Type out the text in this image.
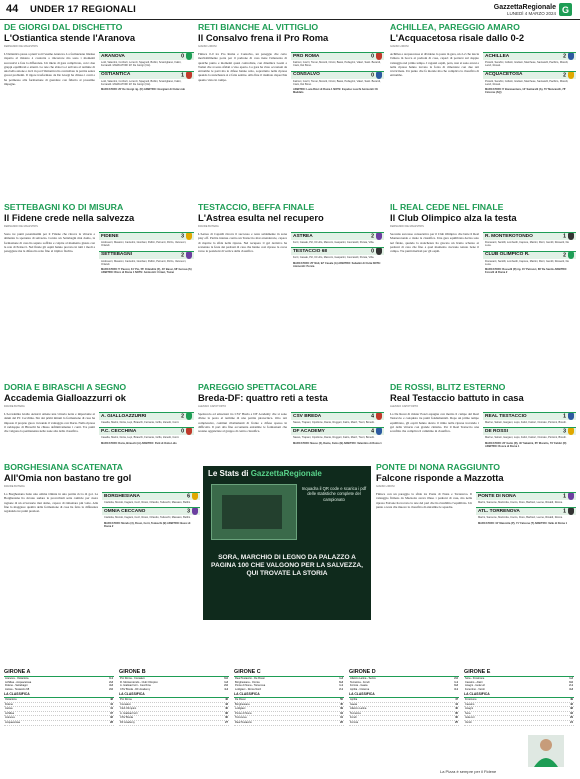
44 UNDER 17 REGIONALI	GazzettaRegionale
LUNEDÌ 4 MARZO 2024 G
DE GIORGI DAL DISCHETTO
L'Ostiantica stende l'Aranova
FERNANDO DE MAGISTRIS
L'Ostiantica passa a pieni voti l'esame Aranova. La formazione lidense rispetto al mistero è costretta a rincorrere ma sono i momenti successivi a fare la differenza. Un inizio di gara complicato, con i due gruppi equilibrati e attenti. La rete che sblocca è arrivata al termine di una bella azione e da lì in poi l'Ostiantica ha controllato la partita senza grossi problemi. Il rigore trasformato da De Giorgi ha chiuso i conti e ha permesso alla formazione di guardare con fiducia al prossimo impegno.
ARANOVA	0
Lodi, Valentini, Conforti, Lorenzi, Spagnoli, Bollini, Scarcigliano, Falini, Ferrarelli. MARCATORI 20' De Giorgi (Ost).
OSTIANTICA	1
Lodi, Valentini, Conforti, Lorenzi, Spagnoli, Bollini, Scarcigliano, Falini, Ferrarelli. MARCATORI 20' De Giorgi (Ost).
MARCATORI: 20' De Giorgi rig. (O) ARBITRO: Giorgiani di Ostia Lido
RETI BIANCHE AL VITTIGLIO
Il Consalvo frena il Pro Roma
GIANNI LIMONI
Finisce 0-0 tra Pro Roma e Consalvo, un pareggio che certo inevitabilmente porta per il padrone di casa tiene l'amarezza di qualche punto e momenti quasi controllate, con dinamica Gozzi e Tomei che si sono sfidati a viso aperto. La gara ha visto occasioni da entrambe le parti ma le difese hanno retto, soprattutto nella ripresa quando la stanchezza si è fatta sentire. Alla fine il risultato rispecchia quanto visto in campo.
PRO ROMA	0
Falconi, Gozzi, Tomei, Moretti, Orsini, Bassi, Pellegrini, Valeri, Salvi. Berardi, Ciani, Del Bono.
CONSALVO	0
Falconi, Gozzi, Tomei, Moretti, Orsini, Bassi, Pellegrini, Valeri, Salvi. Berardi, Ciani, Del Bono.
ARBITRO: Luca Ricci di Roma 1 NOTE: Espulso Lucchi Ammoniti: Di Maddalo
ACHILLEA, PAREGGIO AMARO
L'Acquacetosa risale dallo 0-2
GIANNI LIMONI
Achillea e Acquacetosa si dividono la posta in gara, un 2-2 che lascia l'amaro in bocca ai padroni di casa, capaci di portarsi sul doppio vantaggio nel primo tempo. I ragazzi ospiti, però, non si sono arresi e nella ripresa hanno trovato la forza di rimontare con due reti ravvicinate. Un punto che fa morale ma che complica la classifica di entrambe.
ACHILLEA	2
Proietti, Serafini, Colletti, Giuliani, Marchese, Santarelli, Pacifico, Morelli, Lanzi, Rosati.
ACQUACETOSA	2
Proietti, Serafini, Colletti, Giuliani, Marchese, Santarelli, Pacifico, Morelli, Lanzi, Rosati.
MARCATORI: 6' Bonaventura, 12' Santarelli (A), 70' Mencarelli, 78' Ciccone (AQ)
SETTEBAGNI KO DI MISURA
Il Fidene crede nella salvezza
FERNANDO DE MAGISTRIS
Sono tre punti pesantissimi per il Fidene che ritrova la vittoria e alimenta la speranza di salvezza. Contro un Settebagni mai domo, la formazione di casa ha saputo soffrire e colpire al momento giusto con la rete di Petrucci. Nel finale gli ospiti hanno provato in tutti i modi a pareggiare ma la difesa ha retto fino al triplice fischio.
FIDENE	3
Andreucci, Massimi, Cantelmi, Giordani, Pellini, Petrucci, Rizzo, Vannucci, Orlandi.
SETTEBAGNI	2
Andreucci, Massimi, Cantelmi, Giordani, Pellini, Petrucci, Rizzo, Vannucci, Orlandi.
MARCATORI: 5' Pavoni, 31' Pio, 56' Orlandini (F), 40' Bassi, 68' Gerosa (S) ARBITRO: Rizzo di Roma 1 NOTE: Ammoniti: Ciriaci, Tomei
TESTACCIO, BEFFA FINALE
L'Astrea esulta nel recupero
DAVIDE BUTERA
L'Astrea di Capaldi ritrova il successo e resta saldamente in zona play off. Partita intensa contro un Testaccio mai arrendevole, capace di riaprire la sfida nella ripresa. Nel recupero il gol decisivo ha scatenato la festa dei padroni di casa che hanno così ripreso la corsa verso le posizioni di vertice della classifica.
ASTREA	2
Ferri, Casale, Piri, Di Lillo, Marconi, Gasparini, Ceccarelli, Persia, Villa.
TESTACCIO 68	0
Ferri, Casale, Piri, Di Lillo, Marconi, Gasparini, Ceccarelli, Persia, Villa.
MARCATORI: 25' Nidi, 92' Casale (A) ARBITRO: Sabatini di Ostia NOTE: Ammoniti: Persia
IL REAL CEDE NEL FINALE
Il Club Olimpico alza la testa
FERNANDO DE MAGISTRIS
Secondo successo consecutivo per il Club Olimpico che batte il Real Monterotondo e risale la classifica. Una gara equilibrata decisa solo nel finale, quando la stanchezza ha giocato un brutto scherzo ai padroni di casa che fino a quel momento avevano tenuto bene il campo. Tre punti meritati per gli ospiti.
R. MONTEROTONDO	1
Fioravanti, Santilli, Lombardi, Capone, Martini, Ricci, Gentili, Rossetti, De Luca.
CLUB OLIMPICO R.	2
Fioravanti, Santilli, Lombardi, Capone, Martini, Ricci, Gentili, Rossetti, De Luca.
MARCATORI: Rosselli (R) rig. 15' Petrucci, 88' De Santis ARBITRO: Forcelli di Roma 2
DORIA E BIRASCHI A SEGNO
Accademia Gialloazzurri ok
DAVIDE BUTERA
L'Accademia Giallo Azzurri ottiene una vittoria netta e importante ai danni del PC Cecchina. Sin dai primi minuti la formazione di casa ha imposto il proprio gioco trovando il vantaggio con Doria. Nella ripresa il raddoppio di Biraschi ha chiuso definitivamente i conti. Tre punti che valgono la permanenza nelle zone alte della classifica.
A. GIALLOAZZURRI	2
Casella, Marini, Doria, Lupi, Biraschi, Ferrante, Grillo, Zanetti, Conti.
P.C. CECCHINA	0
Casella, Marini, Doria, Lupi, Biraschi, Ferrante, Grillo, Zanetti, Conti.
MARCATORI: Doria, Biraschi (A) ARBITRO: Peiti di Ostia Lido
PAREGGIO SPETTACOLARE
Breda-DF: quattro reti a testa
ALESSIO CAPOTORTO
Spettacolo ed emozioni tra CSV Breda e DF Academy che si sono divise la posta al termine di una partita pirotecnica. Otto reti complessive, continui ribaltamenti di fronte e difese spesso in difficoltà. Il pari alla fine accontenta entrambe le formazioni che restano agganciate al gruppo di centro classifica.
CSV BREDA	4
Nasso, Trapani, Cipollone, Dante, Ruggeri, Falco, Marzi, Tocci, Bonetti.
DF ACADEMY	4
Nasso, Trapani, Cipollone, Dante, Ruggeri, Falco, Marzi, Tocci, Bonetti.
MARCATORI: Nasso (2), Dante, Falco (B) ARBITRO: Valentino di Roma 1
DE ROSSI, BLITZ ESTERNO
Real Testaccio battuto in casa
ALESSIO CAPOTORTO
La De Rossi di mister Pozzi espugna con merito il campo del Real Testaccio e conquista tre punti fondamentali. Dopo un primo tempo equilibrato, gli ospiti hanno alzato il ritmo nella ripresa trovando i gol della vittoria con grande cinismo. Per il Real Testaccio una sconfitta che complica il cammino in classifica.
REAL TESTACCIO	1
Marino, Sebeti, Gargani, Lupo, Felici, Fattori, Onorato, Piccioni, Biondi.
DE ROSSI	3
Marino, Sebeti, Gargani, Lupo, Felici, Fattori, Onorato, Piccioni, Biondi.
MARCATORI: 22' Gatto (R), 40' Sabatini, 65' Moratto, 79' Fabbri (D) ARBITRO: Rocca di Roma 1
BORGHESIANA SCATENATA
All'Omia non bastano tre gol
DAVIDE BUTERA
La Borghesiana batte una ottima Omnia in una partita ricca di gol. La Borghesiana ha dovuto sudare le proverbiali sette camicie per avere ragione di un avversario mai domo, capace di rimontare più volte. Alla fine la maggiore qualità della formazione di casa ha fatto la differenza regalando tre punti preziosi.
BORGHESIANA	6
Ciarletta, Mondo, Fagiani, Cerri, Rossi, Orlando, Tedeschi, Massaro, Bellini.
OMNIA CECCANO	3
Ciarletta, Mondo, Fagiani, Cerri, Rossi, Orlando, Tedeschi, Massaro, Bellini.
MARCATORI: Mondo (3), Rossi, Cerri, Tedeschi (B) ARBITRO: Bassi di Roma 2
PONTE DI NONA RAGGIUNTO
Falcone risponde a Mazzotta
GIANNI LIMONI
Finisce con un pareggio la sfida tra Ponte di Nona e Torrenova. Il vantaggio firmato da Mazzotta aveva illuso i padroni di casa, ma nella ripresa Falcone ha trovato la rete del pari che ha ristabilito l'equilibrio. Un punto a testa che muove la classifica di entrambe le squadre.
PONTE DI NONA	1
Marini, Sansone, Mazzotta, Cocco, Fiore, Barbieri, Leone, Rinaldi, Rocca.
ATL. TORRENOVA	1
Marini, Sansone, Mazzotta, Cocco, Fiore, Barbieri, Leone, Rinaldi, Rocca.
MARCATORI: 10' Mazzotta (P), 71' Falcone (T) ARBITRO: Valle di Roma 1
Le Stats di GazzettaRegionale
Inquadra il QR code e scarica i pdf delle statistiche complete del campionato
SORA, MARCHIO DI LEGNO DA PALAZZO A PAGINA 100 CHE VALGONO PER LA SALVEZZA, QUI TROVATE LA STORIA
GIRONE A
Aranova - Ostiantica	0-1
Achillea - Acquacetosa	2-2
Fidene - Settebagni	3-2
Astrea - Testaccio 68	2-0
LA CLASSIFICA
Ostiantica	48
Fidene	44
Astrea	41
Achillea	37
Aranova	32
Acquacetosa	28
GIRONE B
Pro Roma - Consalvo	0-0
R. Monterotondo - Club Olimpico	1-2
A. Gialloazzurri - Cecchina	2-0
CSV Breda - DF Academy	4-4
LA CLASSIFICA
Pro Roma	46
Consalvo	43
Club Olimpico	40
A. Gialloazzurri	36
CSV Breda	30
DF Academy	27
GIRONE C
Real Testaccio - De Rossi	1-3
Borghesiana - Omnia	6-3
Ponte di Nona - Torrenova	1-1
Lodigiani - Roma Nord	2-1
LA CLASSIFICA
De Rossi	50
Borghesiana	45
Lodigiani	39
Ponte di Nona	34
Torrenova	31
Real Testaccio	26
GIRONE D
Atletico Latina - Sezze	2-0
Terracina - Fondi	1-1
Formia - Gaeta	0-2
Aprilia - Cisterna	3-1
LA CLASSIFICA
Aprilia	47
Gaeta	44
Atletico Latina	40
Terracina	35
Fondi	30
Formia	25
GIRONE E
Sora - Frosinone	1-2
Cassino - Alatri	0-0
Anagni - Isola Liri	2-1
Ferentino - Veroli	3-3
LA CLASSIFICA
Frosinone	49
Cassino	42
Anagni	38
Sora	33
Isola Liri	29
Veroli	24
La Pizza è sempre per il Fidene
